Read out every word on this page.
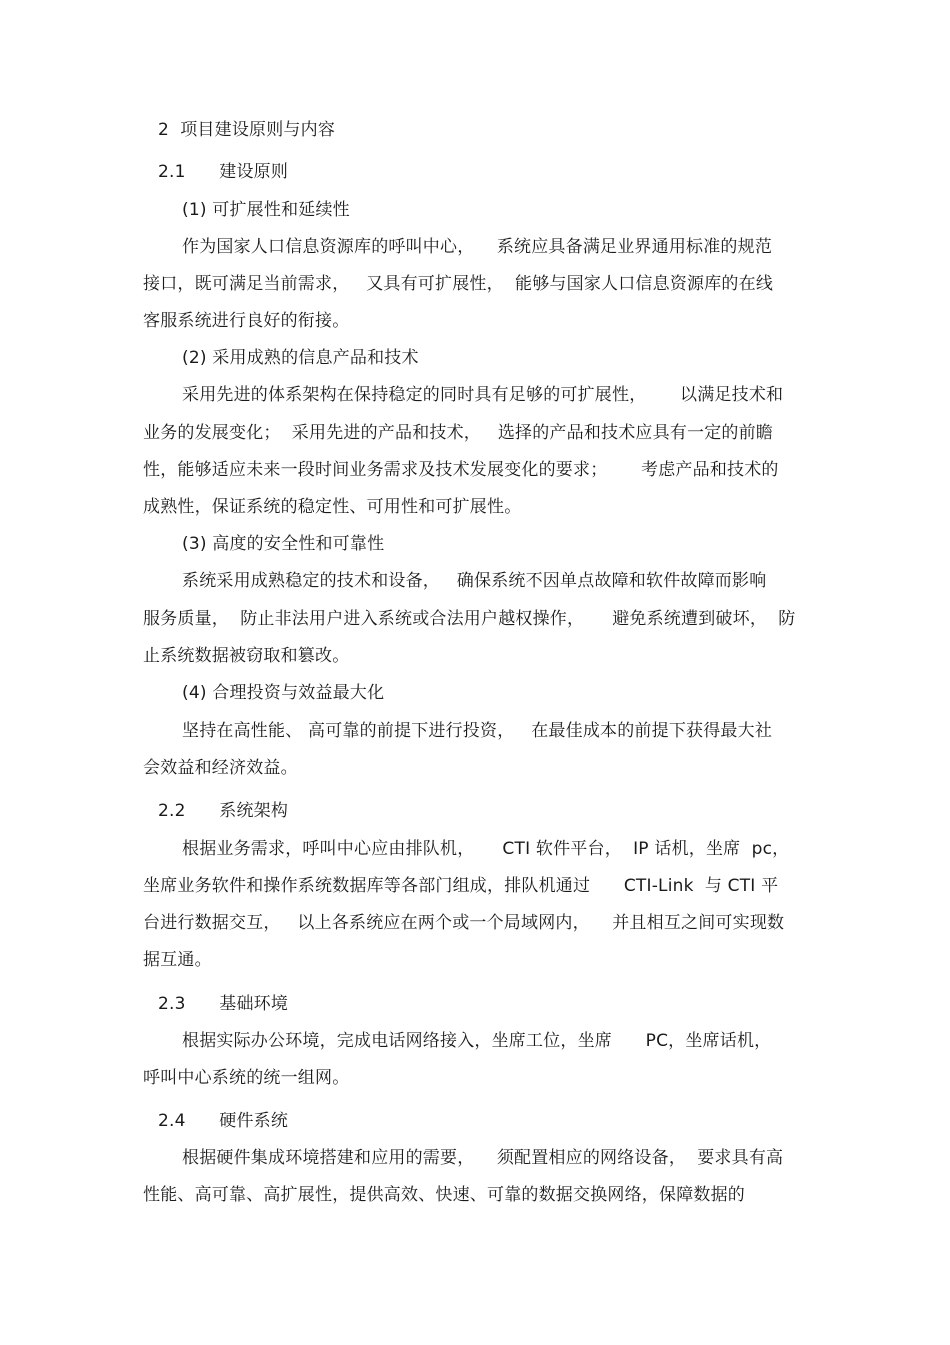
2  项目建设原则与内容
2.1      建设原则
(1) 可扩展性和延续性
作为国家人口信息资源库的呼叫中心，    系统应具备满足业界通用标准的规范
接口，既可满足当前需求，   又具有可扩展性，  能够与国家人口信息资源库的在线
客服系统进行良好的衔接。
(2) 采用成熟的信息产品和技术
采用先进的体系架构在保持稳定的同时具有足够的可扩展性，      以满足技术和
业务的发展变化；  采用先进的产品和技术，   选择的产品和技术应具有一定的前瞻
性，能够适应未来一段时间业务需求及技术发展变化的要求；      考虑产品和技术的
成熟性，保证系统的稳定性、可用性和可扩展性。
(3) 高度的安全性和可靠性
系统采用成熟稳定的技术和设备，   确保系统不因单点故障和软件故障而影响
服务质量，  防止非法用户进入系统或合法用户越权操作，     避免系统遭到破坏，  防
止系统数据被窃取和篡改。
(4) 合理投资与效益最大化
坚持在高性能、 高可靠的前提下进行投资，   在最佳成本的前提下获得最大社
会效益和经济效益。
2.2      系统架构
根据业务需求，呼叫中心应由排队机，     CTI 软件平台，  IP 话机，坐席  pc，
坐席业务软件和操作系统数据库等各部门组成，排队机通过      CTI-Link  与 CTI 平
台进行数据交互，   以上各系统应在两个或一个局域网内，    并且相互之间可实现数
据互通。
2.3      基础环境
根据实际办公环境，完成电话网络接入，坐席工位，坐席      PC，坐席话机，
呼叫中心系统的统一组网。
2.4      硬件系统
根据硬件集成环境搭建和应用的需要，    须配置相应的网络设备，  要求具有高
性能、高可靠、高扩展性，提供高效、快速、可靠的数据交换网络，保障数据的
